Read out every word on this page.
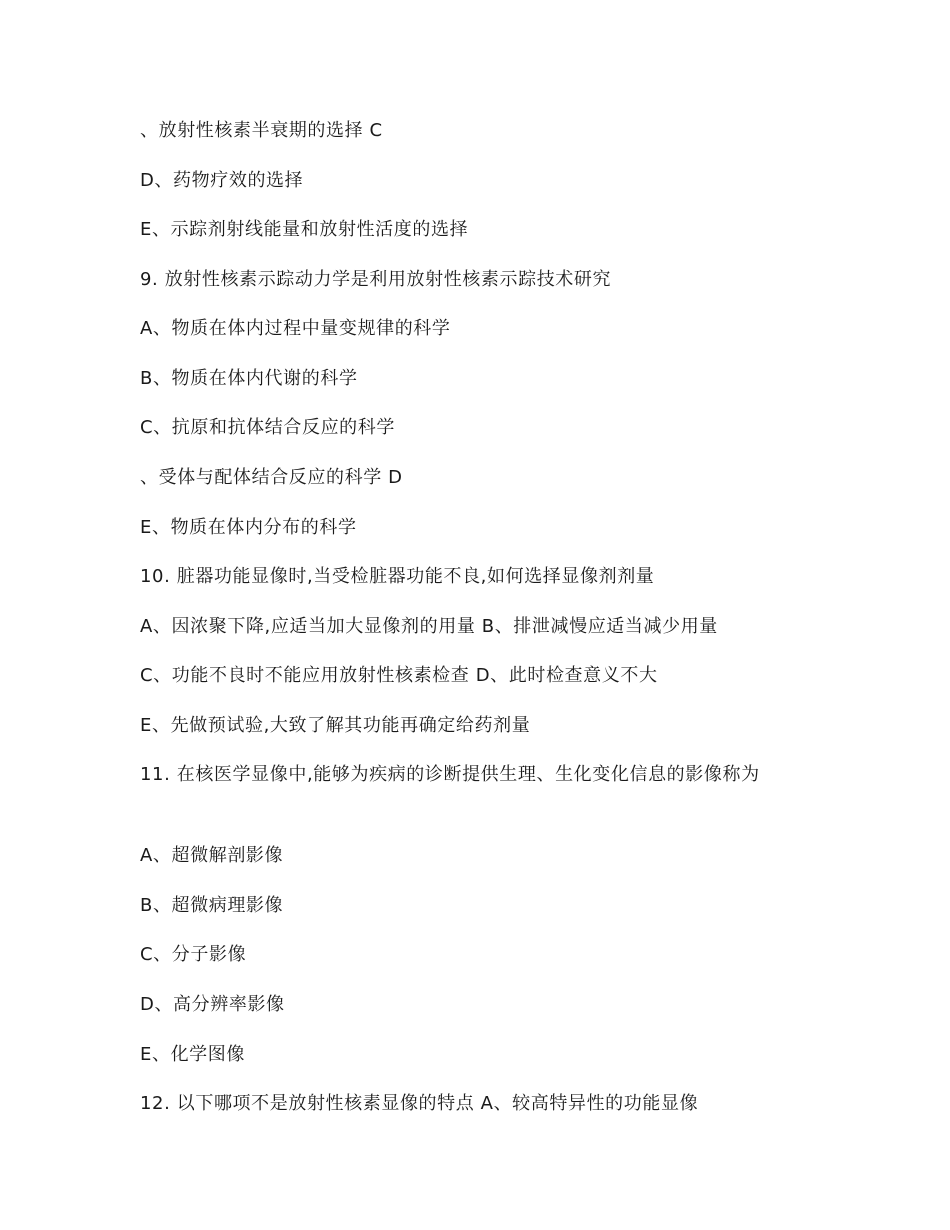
、放射性核素半衰期的选择 C
D、药物疗效的选择
E、示踪剂射线能量和放射性活度的选择
9. 放射性核素示踪动力学是利用放射性核素示踪技术研究
A、物质在体内过程中量变规律的科学
B、物质在体内代谢的科学
C、抗原和抗体结合反应的科学
、受体与配体结合反应的科学 D
E、物质在体内分布的科学
10. 脏器功能显像时,当受检脏器功能不良,如何选择显像剂剂量
A、因浓聚下降,应适当加大显像剂的用量 B、排泄减慢应适当减少用量
C、功能不良时不能应用放射性核素检查 D、此时检查意义不大
E、先做预试验,大致了解其功能再确定给药剂量
11. 在核医学显像中,能够为疾病的诊断提供生理、生化变化信息的影像称为
A、超微解剖影像
B、超微病理影像
C、分子影像
D、高分辨率影像
E、化学图像
12. 以下哪项不是放射性核素显像的特点 A、较高特异性的功能显像
